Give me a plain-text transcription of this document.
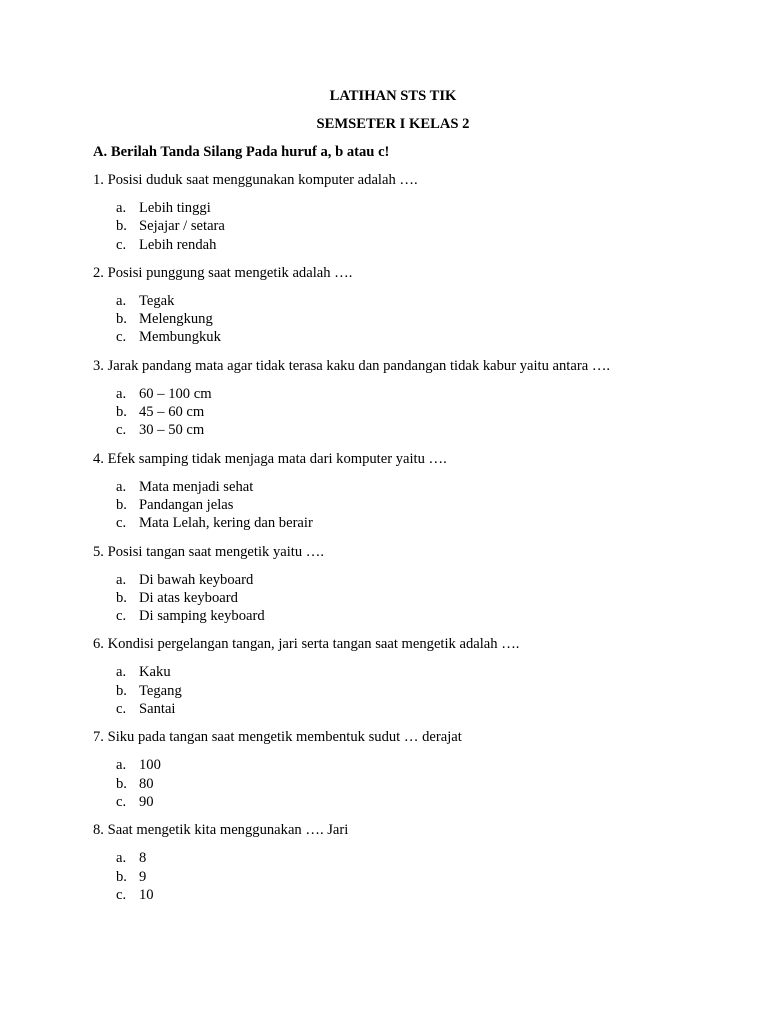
LATIHAN STS TIK

SEMSETER I KELAS 2

A. Berilah Tanda Silang Pada huruf a, b atau c!

1. Posisi duduk saat menggunakan komputer adalah ….

a. Lebih tinggi
b. Sejajar / setara
c. Lebih rendah

2. Posisi punggung saat mengetik adalah ….

a. Tegak
b. Melengkung
c. Membungkuk

3. Jarak pandang mata agar tidak terasa kaku dan pandangan tidak kabur yaitu antara ….

a. 60 – 100 cm
b. 45 – 60 cm
c. 30 – 50 cm

4. Efek samping tidak menjaga mata dari komputer yaitu ….

a. Mata menjadi sehat
b. Pandangan jelas
c. Mata Lelah, kering dan berair

5. Posisi tangan saat mengetik yaitu ….

a. Di bawah keyboard
b. Di atas keyboard
c. Di samping keyboard

6. Kondisi pergelangan tangan, jari serta tangan saat mengetik adalah ….

a. Kaku
b. Tegang
c. Santai

7. Siku pada tangan saat mengetik membentuk sudut … derajat

a. 100
b. 80
c. 90

8. Saat mengetik kita menggunakan …. Jari

a. 8
b. 9
c. 10
